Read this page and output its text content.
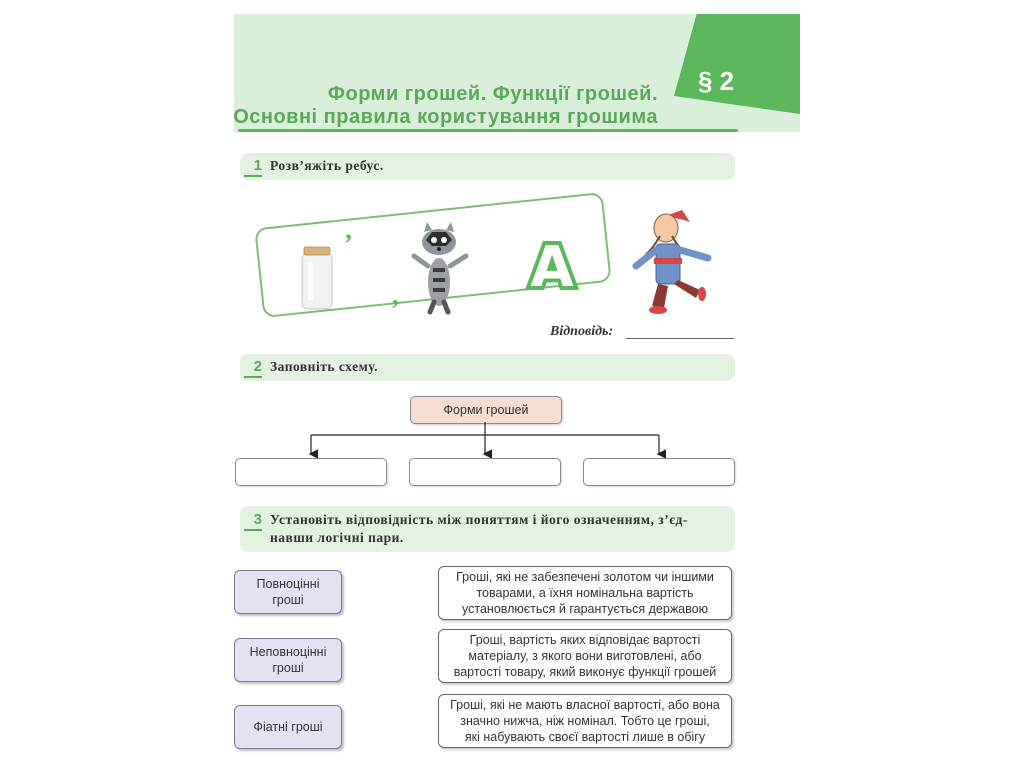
§ 2
Форми грошей. Функції грошей.
Основні правила користування грошима
1 Розв’яжіть ребус.
’
, А
Відповідь:
2 Заповніть схему.
Форми грошей
3 Установіть відповідність між поняттям і його означенням, з’єд-
навши логічні пари.
Повноцінні
гроші
Неповноцінні
гроші
Фіатні гроші
Гроші, які не забезпечені золотом чи іншими
товарами, а їхня номінальна вартість
установлюється й гарантується державою
Гроші, вартість яких відповідає вартості
матеріалу, з якого вони виготовлені, або
вартості товару, який виконує функції грошей
Гроші, які не мають власної вартості, або вона
значно нижча, ніж номінал. Тобто це гроші,
які набувають своєї вартості лише в обігу
